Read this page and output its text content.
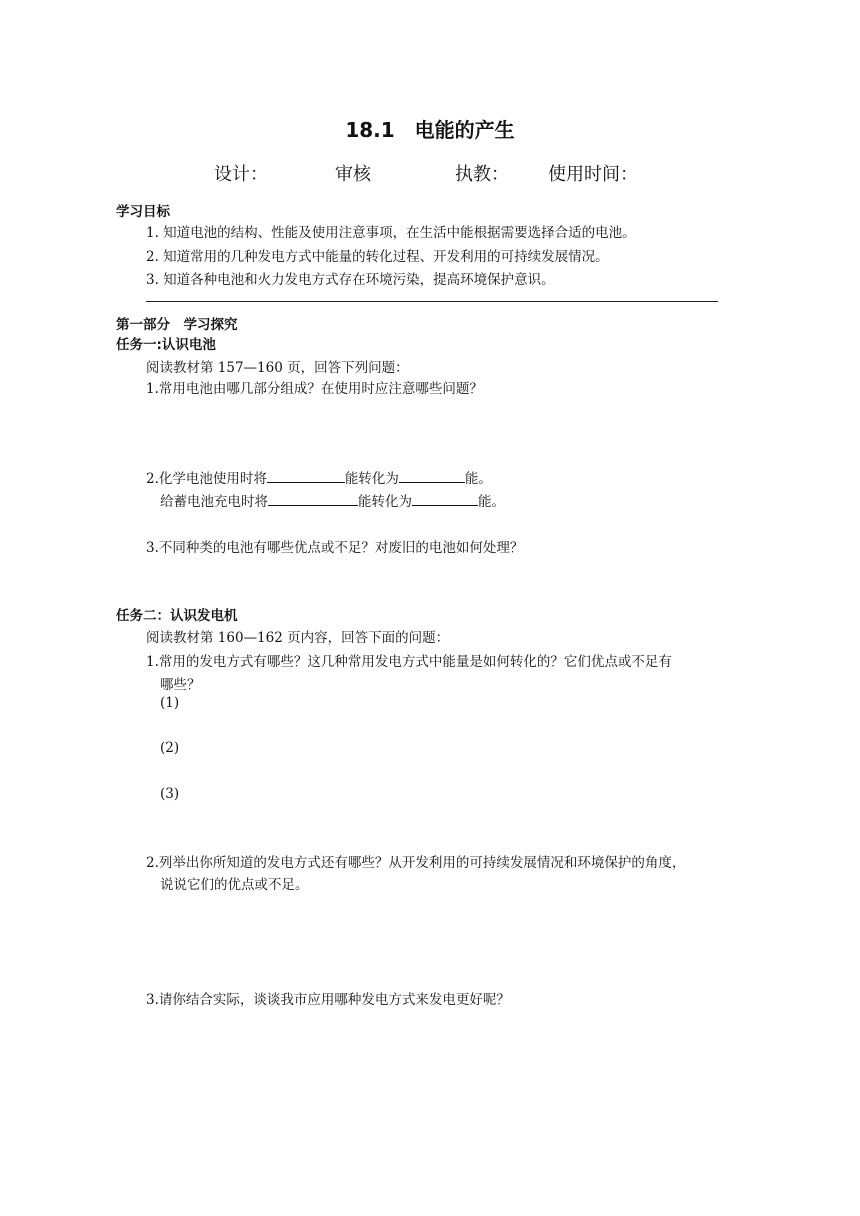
18.1　电能的产生
设计：	审核	执教： 使用时间：
学习目标
1. 知道电池的结构、性能及使用注意事项，在生活中能根据需要选择合适的电池。
2. 知道常用的几种发电方式中能量的转化过程、开发利用的可持续发展情况。
3. 知道各种电池和火力发电方式存在环境污染，提高环境保护意识。
第一部分　学习探究
任务一:认识电池
阅读教材第 157—160 页，回答下列问题：
1.常用电池由哪几部分组成？在使用时应注意哪些问题？
2.化学电池使用时将	能转化为	能。
给蓄电池充电时将	能转化为	能。
3.不同种类的电池有哪些优点或不足？对废旧的电池如何处理？
任务二：认识发电机
阅读教材第 160—162 页内容，回答下面的问题：
1.常用的发电方式有哪些？这几种常用发电方式中能量是如何转化的？它们优点或不足有
哪些？
(1)
(2)
(3)
2.列举出你所知道的发电方式还有哪些？从开发利用的可持续发展情况和环境保护的角度，
说说它们的优点或不足。
3.请你结合实际，谈谈我市应用哪种发电方式来发电更好呢？
